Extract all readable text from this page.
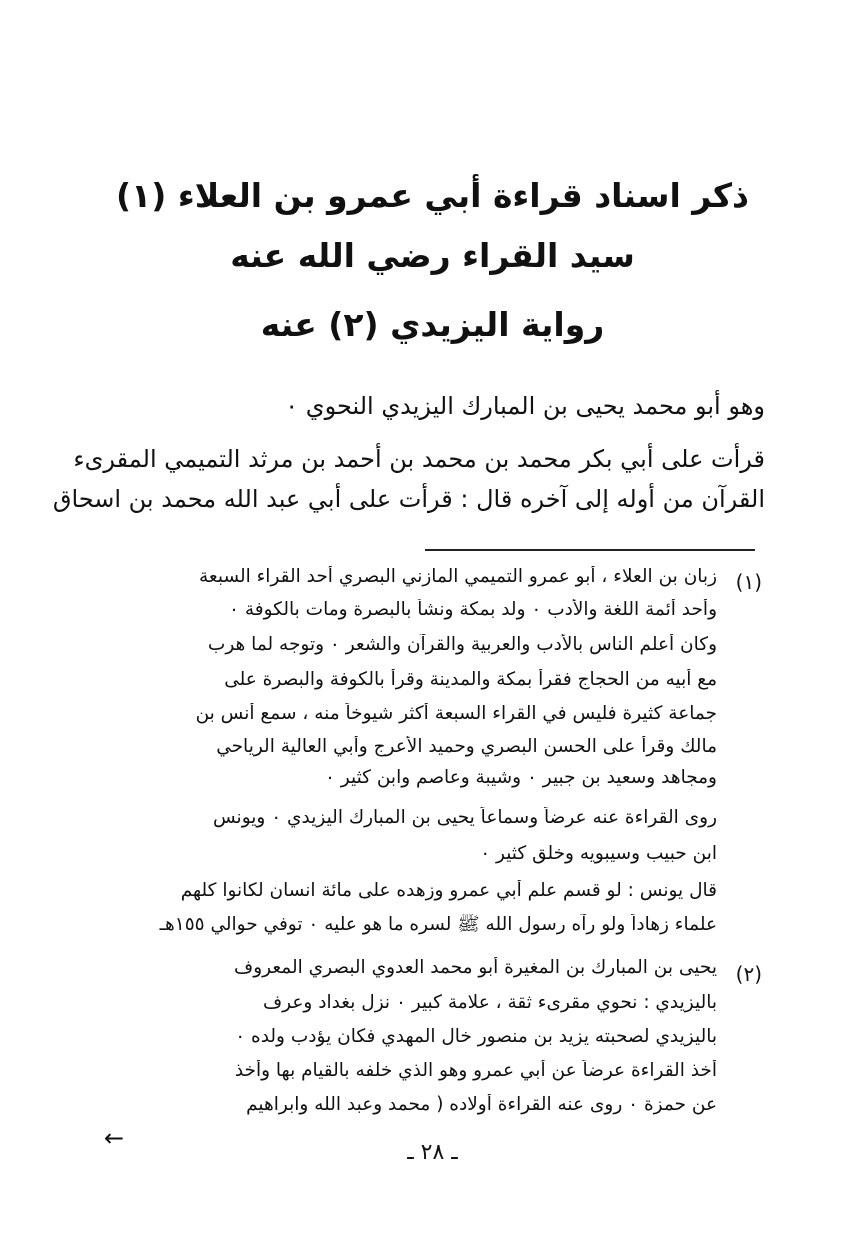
ذكر اسناد قراءة أبي عمرو بن العلاء (١)
سيد القراء رضي الله عنه
رواية اليزيدي (٢) عنه
وهو أبو محمد يحيى بن المبارك اليزيدي النحوي ٠
قرأت على أبي بكر محمد بن محمد بن أحمد بن مرثد التميمي المقرىء
القرآن من أوله إلى آخره قال : قرأت على أبي عبد الله محمد بن اسحاق
(١)
زبان بن العلاء ، أبو عمرو التميمي المازني البصري أحد القراء السبعة
وأحد أئمة اللغة والأدب ٠ ولد بمكة ونشأ بالبصرة ومات بالكوفة ٠
وكان أعلم الناس بالأدب والعربية والقرآن والشعر ٠ وتوجه لما هرب
مع أبيه من الحجاج فقرأ بمكة والمدينة وقرأ بالكوفة والبصرة على
جماعة كثيرة فليس في القراء السبعة أكثر شيوخاً منه ، سمع أنس بن
مالك وقرأ على الحسن البصري وحميد الأعرج وأبي العالية الرياحي
ومجاهد وسعيد بن جبير ٠ وشيبة وعاصم وابن كثير ٠
روى القراءة عنه عرضاً وسماعاً يحيى بن المبارك اليزيدي ٠ ويونس
ابن حبيب وسيبويه وخلق كثير ٠
قال يونس : لو قسم علم أبي عمرو وزهده على مائة انسان لكانوا كلهم
علماء زهاداً ولو رآه رسول الله ﷺ لسره ما هو عليه ٠ توفي حوالي ١٥٥هـ
(٢)
يحيى بن المبارك بن المغيرة أبو محمد العدوي البصري المعروف
باليزيدي : نحوي مقرىء ثقة ، علامة كبير ٠ نزل بغداد وعرف
باليزيدي لصحبته يزيد بن منصور خال المهدي فكان يؤدب ولده ٠
أخذ القراءة عرضاً عن أبي عمرو وهو الذي خلفه بالقيام بها وأخذ
عن حمزة ٠ روى عنه القراءة أولاده ( محمد وعبد الله وابراهيم
←
ـ ٢٨ ـ
